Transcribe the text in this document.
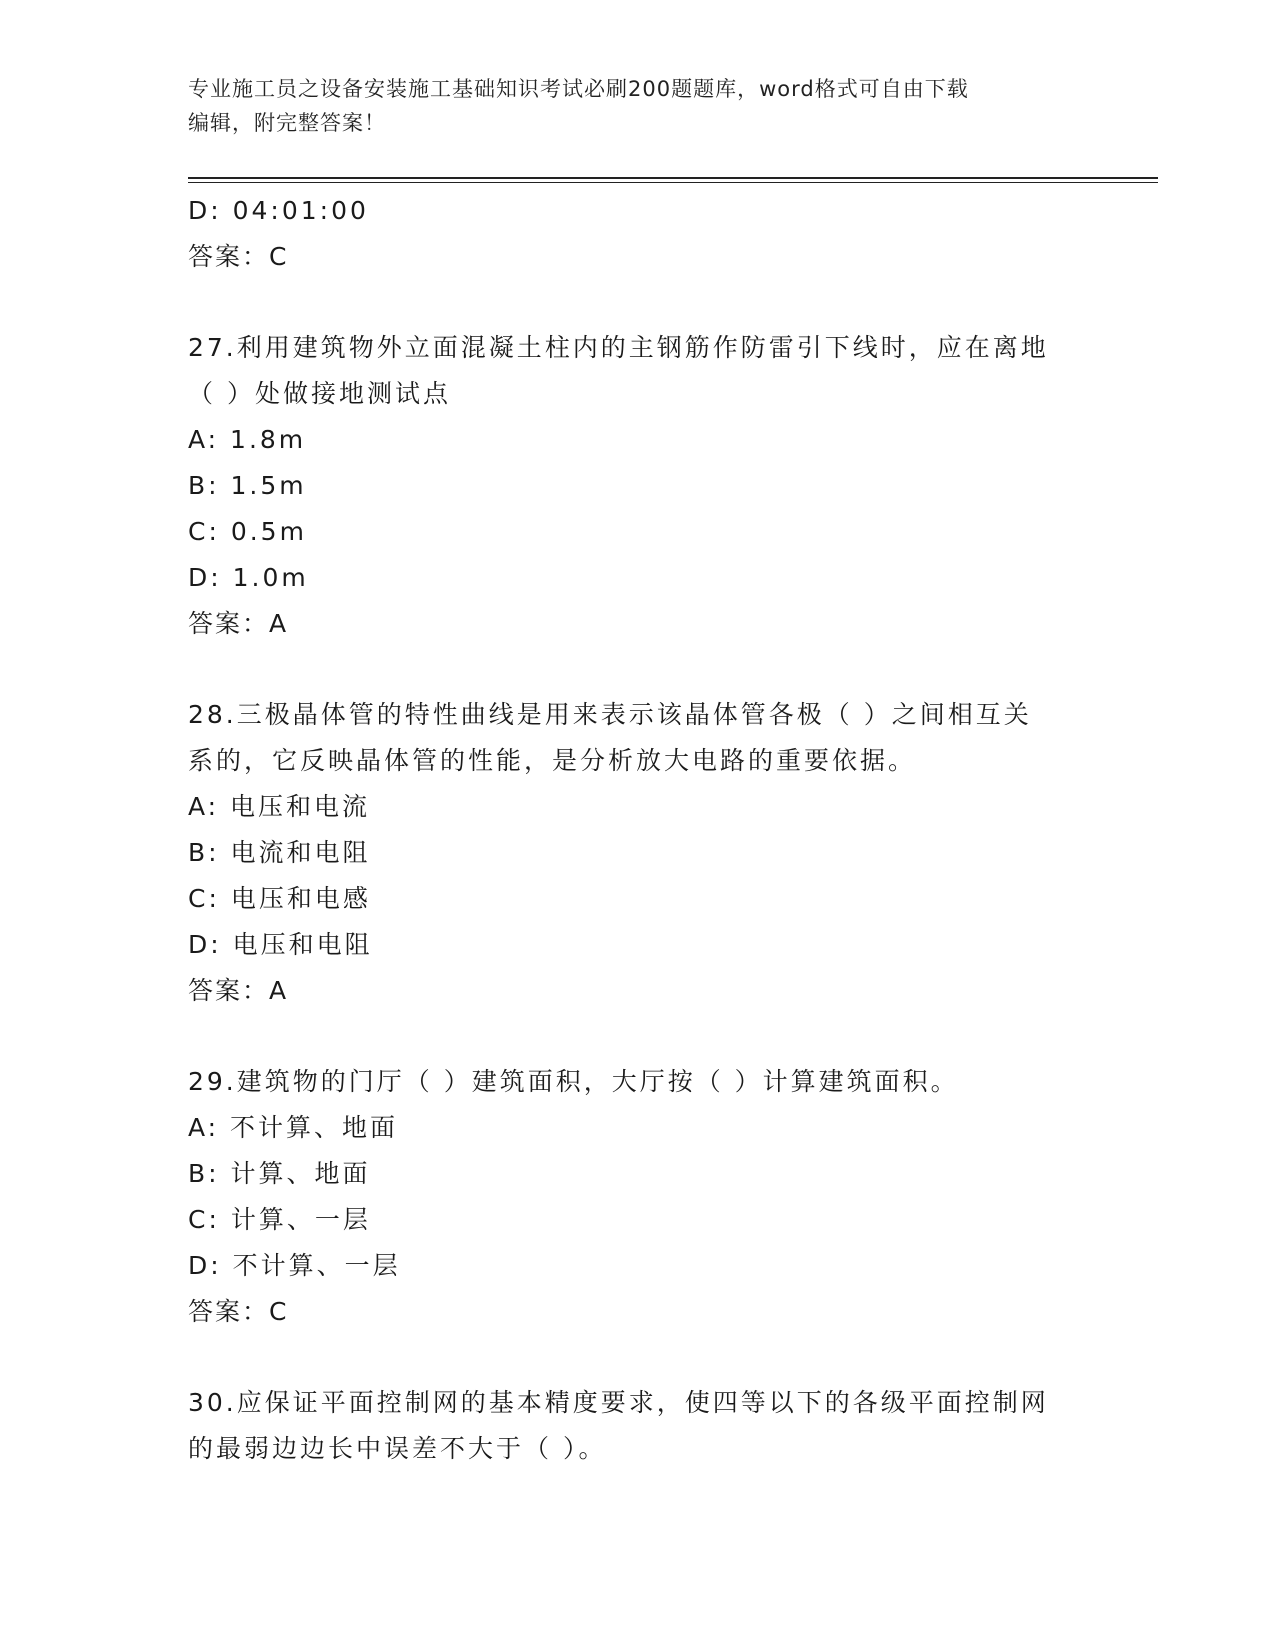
专业施工员之设备安装施工基础知识考试必刷200题题库，word格式可自由下载
编辑，附完整答案！
D: 04:01:00
答案：C
27.利用建筑物外立面混凝土柱内的主钢筋作防雷引下线时，应在离地
（ ）处做接地测试点
A: 1.8m
B: 1.5m
C: 0.5m
D: 1.0m
答案：A
28.三极晶体管的特性曲线是用来表示该晶体管各极（ ）之间相互关
系的，它反映晶体管的性能，是分析放大电路的重要依据。
A: 电压和电流
B: 电流和电阻
C: 电压和电感
D: 电压和电阻
答案：A
29.建筑物的门厅（ ）建筑面积，大厅按（ ）计算建筑面积。
A: 不计算、地面
B: 计算、地面
C: 计算、一层
D: 不计算、一层
答案：C
30.应保证平面控制网的基本精度要求，使四等以下的各级平面控制网
的最弱边边长中误差不大于（ ）。
